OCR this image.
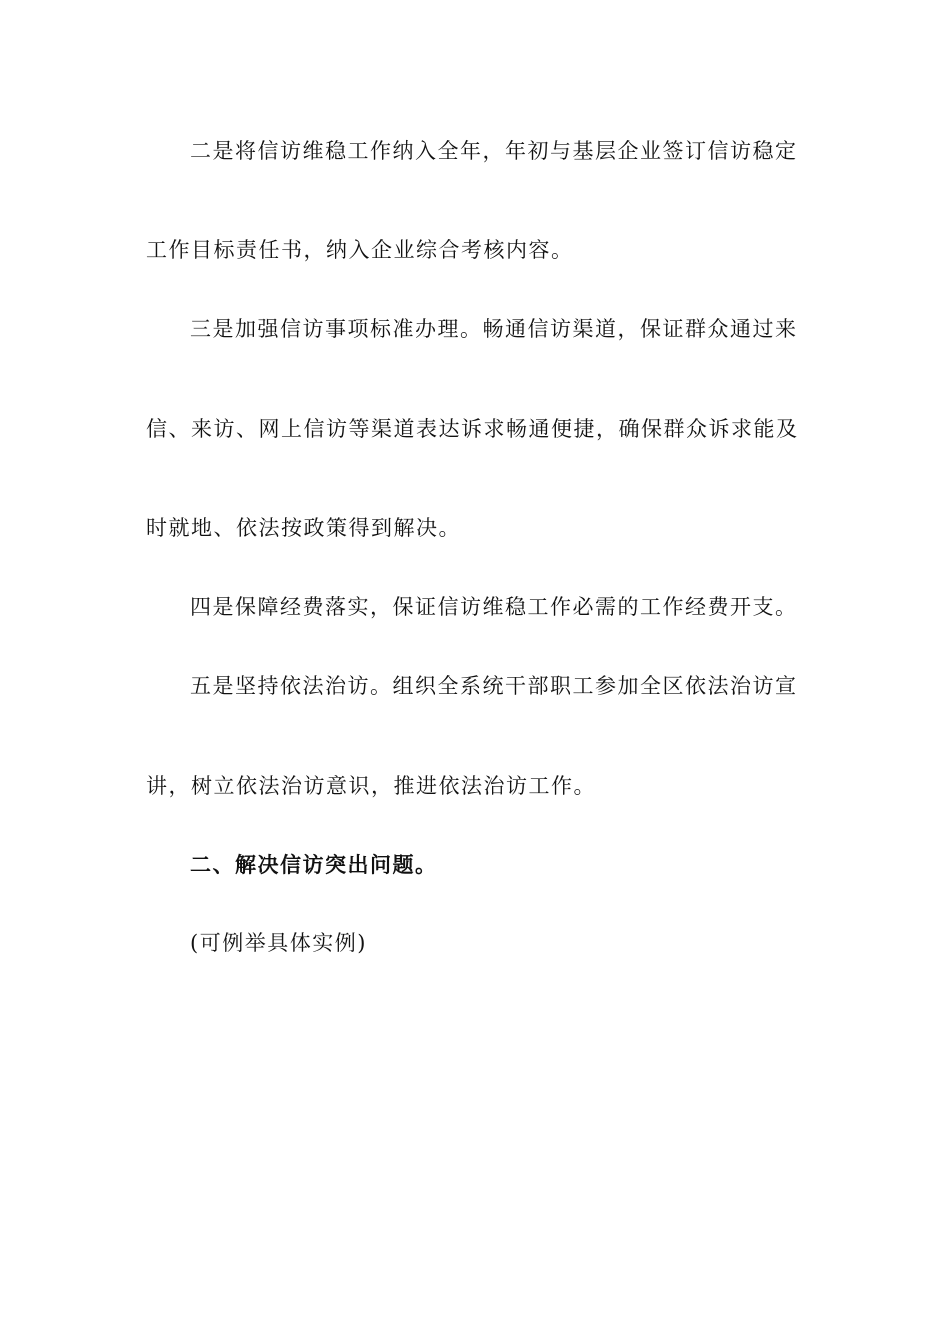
二是将信访维稳工作纳入全年，年初与基层企业签订信访稳定
工作目标责任书，纳入企业综合考核内容。
三是加强信访事项标准办理。畅通信访渠道，保证群众通过来
信、来访、网上信访等渠道表达诉求畅通便捷，确保群众诉求能及
时就地、依法按政策得到解决。
四是保障经费落实，保证信访维稳工作必需的工作经费开支。
五是坚持依法治访。组织全系统干部职工参加全区依法治访宣
讲，树立依法治访意识，推进依法治访工作。
二、解决信访突出问题。
(可例举具体实例)
